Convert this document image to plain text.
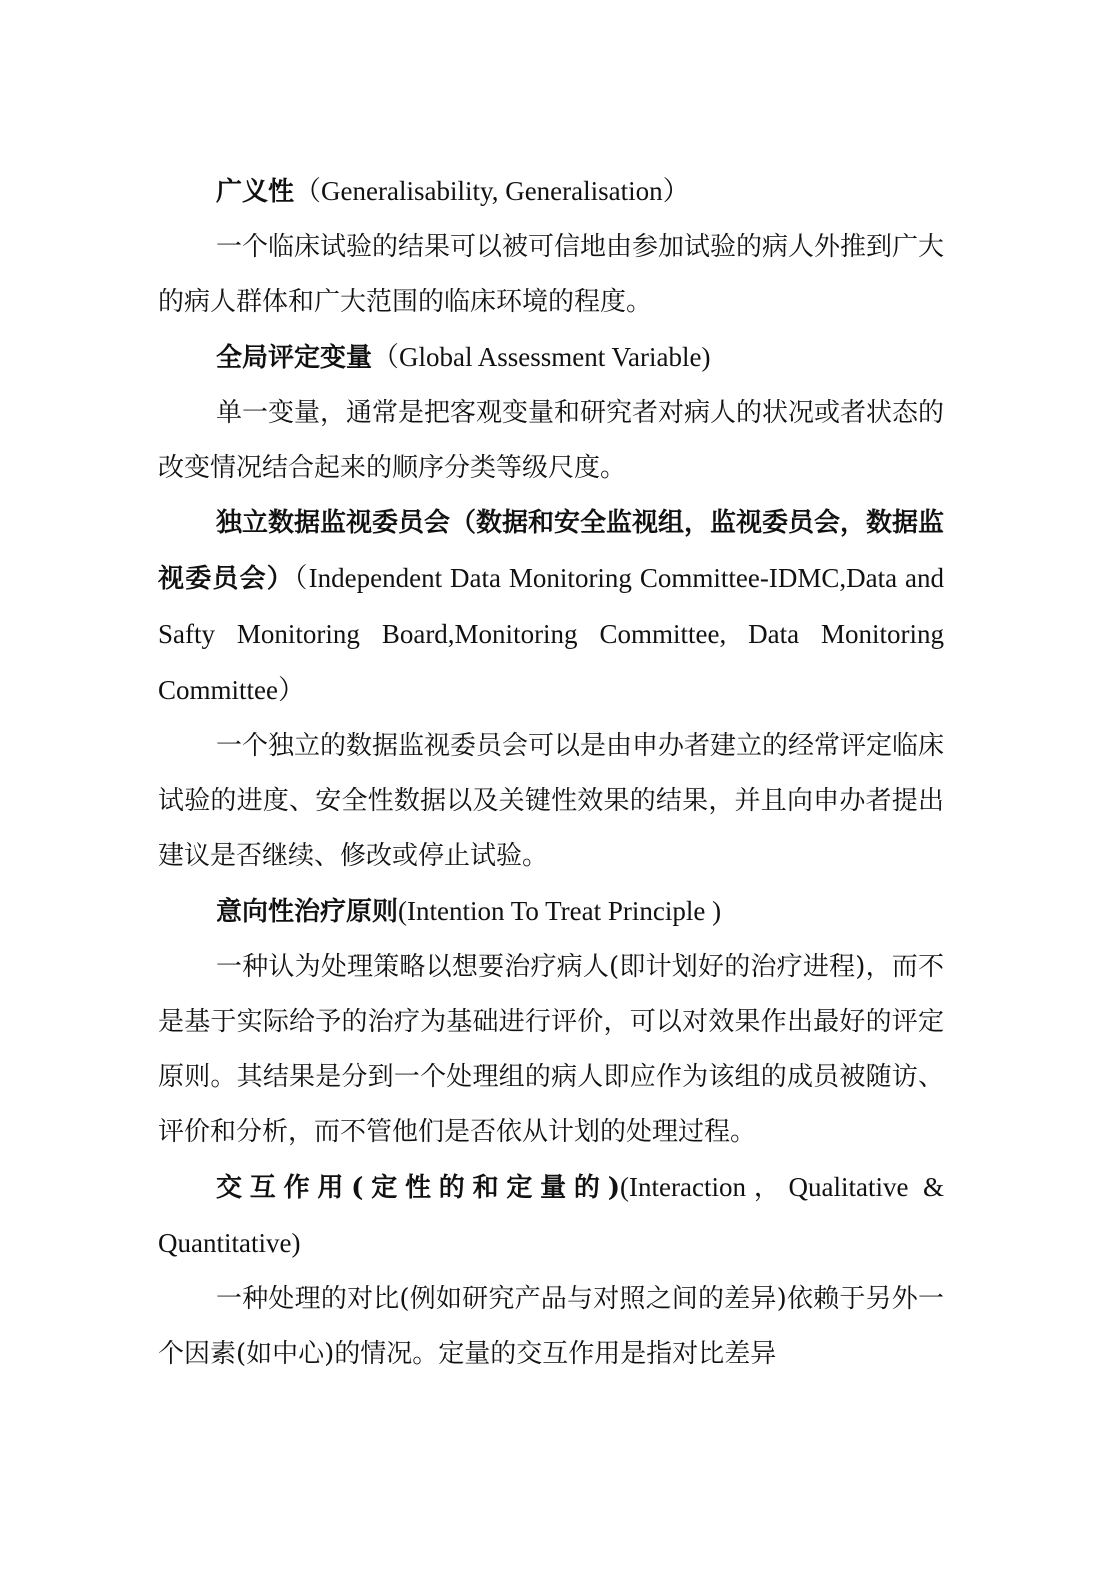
广义性（Generalisability, Generalisation）

一个临床试验的结果可以被可信地由参加试验的病人外推到广大的病人群体和广大范围的临床环境的程度。

全局评定变量（Global Assessment Variable)

单一变量，通常是把客观变量和研究者对病人的状况或者状态的改变情况结合起来的顺序分类等级尺度。

独立数据监视委员会（数据和安全监视组，监视委员会，数据监视委员会）（Independent Data Monitoring Committee-IDMC,Data and Safty Monitoring Board,Monitoring Committee, Data Monitoring Committee）

一个独立的数据监视委员会可以是由申办者建立的经常评定临床试验的进度、安全性数据以及关键性效果的结果，并且向申办者提出建议是否继续、修改或停止试验。

意向性治疗原则(Intention To Treat Principle )

一种认为处理策略以想要治疗病人(即计划好的治疗进程)，而不是基于实际给予的治疗为基础进行评价，可以对效果作出最好的评定原则。其结果是分到一个处理组的病人即应作为该组的成员被随访、评价和分析，而不管他们是否依从计划的处理过程。

交互作用(定性的和定量的)(Interaction，Qualitative & Quantitative)

一种处理的对比(例如研究产品与对照之间的差异)依赖于另外一个因素(如中心)的情况。定量的交互作用是指对比差异
